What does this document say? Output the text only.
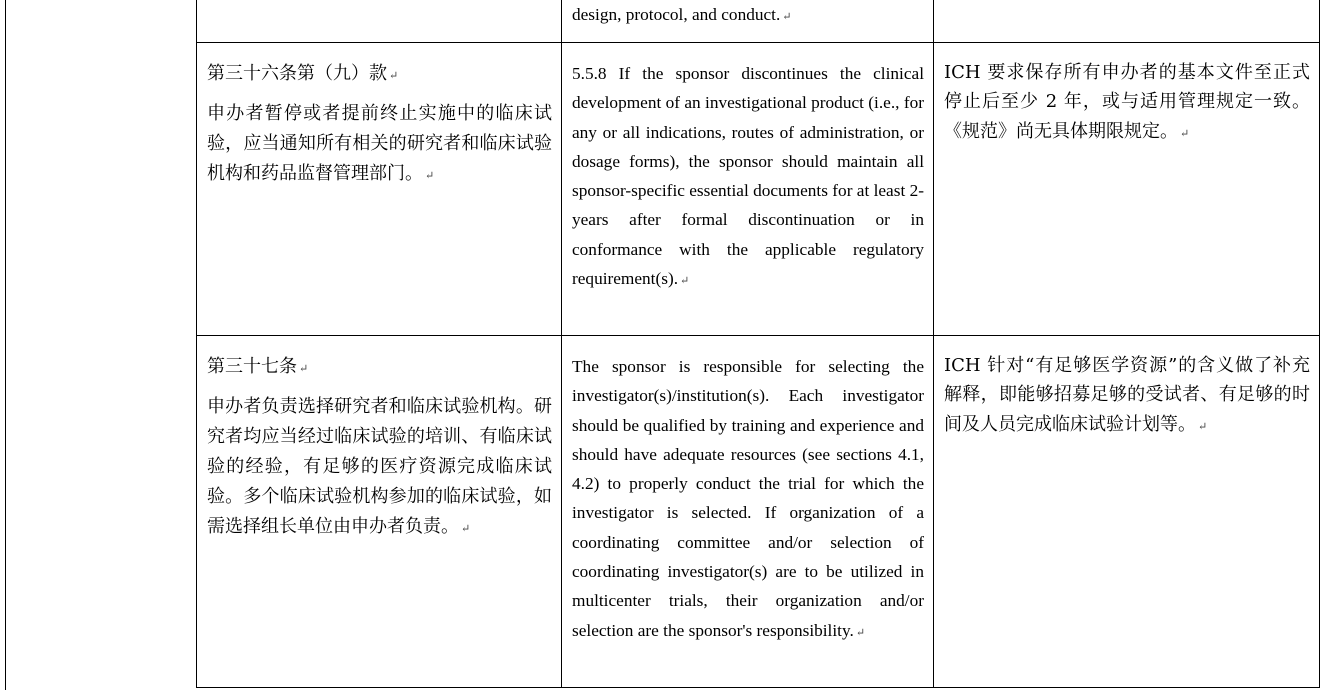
design, protocol, and conduct. ↵
第三十六条第（九）款 ↵
申办者暂停或者提前终止实施中的临床试验，应当通知所有相关的研究者和临床试验机构和药品监督管理部门。 ↵
5.5.8 If the sponsor discontinues the clinical development of an investigational product (i.e., for any or all indications, routes of administration, or dosage forms), the sponsor should maintain all sponsor-specific essential documents for at least 2-years after formal discontinuation or in conformance with the applicable regulatory requirement(s). ↵
ICH 要求保存所有申办者的基本文件至正式停止后至少 2 年，或与适用管理规定一致。《规范》尚无具体期限规定。 ↵
第三十七条 ↵
申办者负责选择研究者和临床试验机构。研究者均应当经过临床试验的培训、有临床试验的经验，有足够的医疗资源完成临床试验。多个临床试验机构参加的临床试验，如需选择组长单位由申办者负责。 ↵
The sponsor is responsible for selecting the investigator(s)/institution(s). Each investigator should be qualified by training and experience and should have adequate resources (see sections 4.1, 4.2) to properly conduct the trial for which the investigator is selected. If organization of a coordinating committee and/or selection of coordinating investigator(s) are to be utilized in multicenter trials, their organization and/or selection are the sponsor's responsibility. ↵
ICH 针对“有足够医学资源”的含义做了补充解释，即能够招募足够的受试者、有足够的时间及人员完成临床试验计划等。 ↵
